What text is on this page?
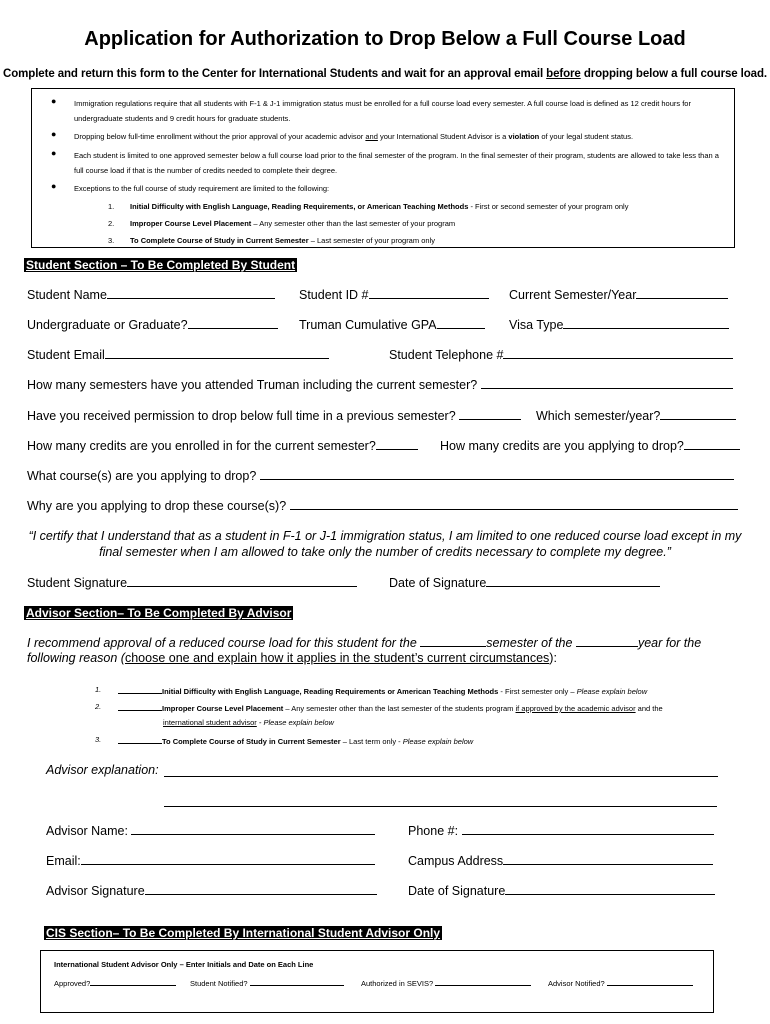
Application for Authorization to Drop Below a Full Course Load
Complete and return this form to the Center for International Students and wait for an approval email before dropping below a full course load.
● Immigration regulations require that all students with F-1 & J-1 immigration status must be enrolled for a full course load every semester. A full course load is defined as 12 credit hours for undergraduate students and 9 credit hours for graduate students.
● Dropping below full-time enrollment without the prior approval of your academic advisor and your International Student Advisor is a violation of your legal student status.
● Each student is limited to one approved semester below a full course load prior to the final semester of the program. In the final semester of their program, students are allowed to take less than a full course load if that is the number of credits needed to complete their degree.
● Exceptions to the full course of study requirement are limited to the following:
1. Initial Difficulty with English Language, Reading Requirements, or American Teaching Methods - First or second semester of your program only
2. Improper Course Level Placement – Any semester other than the last semester of your program
3. To Complete Course of Study in Current Semester – Last semester of your program only
Student Section – To Be Completed By Student
Student Name	Student ID #	Current Semester/Year
Undergraduate or Graduate?	Truman Cumulative GPA	Visa Type
Student Email	Student Telephone #
How many semesters have you attended Truman including the current semester?
Have you received permission to drop below full time in a previous semester?	Which semester/year?
How many credits are you enrolled in for the current semester?	How many credits are you applying to drop?
What course(s) are you applying to drop?
Why are you applying to drop these course(s)?
“I certify that I understand that as a student in F-1 or J-1 immigration status, I am limited to one reduced course load except in my final semester when I am allowed to take only the number of credits necessary to complete my degree.”
Student Signature	Date of Signature
Advisor Section– To Be Completed By Advisor
I recommend approval of a reduced course load for this student for the	semester of the	year for the
following reason (choose one and explain how it applies in the student’s current circumstances):
1.	Initial Difficulty with English Language, Reading Requirements or American Teaching Methods - First semester only – Please explain below
2.	Improper Course Level Placement – Any semester other than the last semester of the students program if approved by the academic advisor and the
international student advisor - Please explain below
3.	To Complete Course of Study in Current Semester – Last term only - Please explain below
Advisor explanation:
Advisor Name:	Phone #:
Email:	Campus Address
Advisor Signature	Date of Signature
CIS Section– To Be Completed By International Student Advisor Only
International Student Advisor Only – Enter Initials and Date on Each Line
Approved?	Student Notified?	Authorized in SEVIS?	Advisor Notified?
